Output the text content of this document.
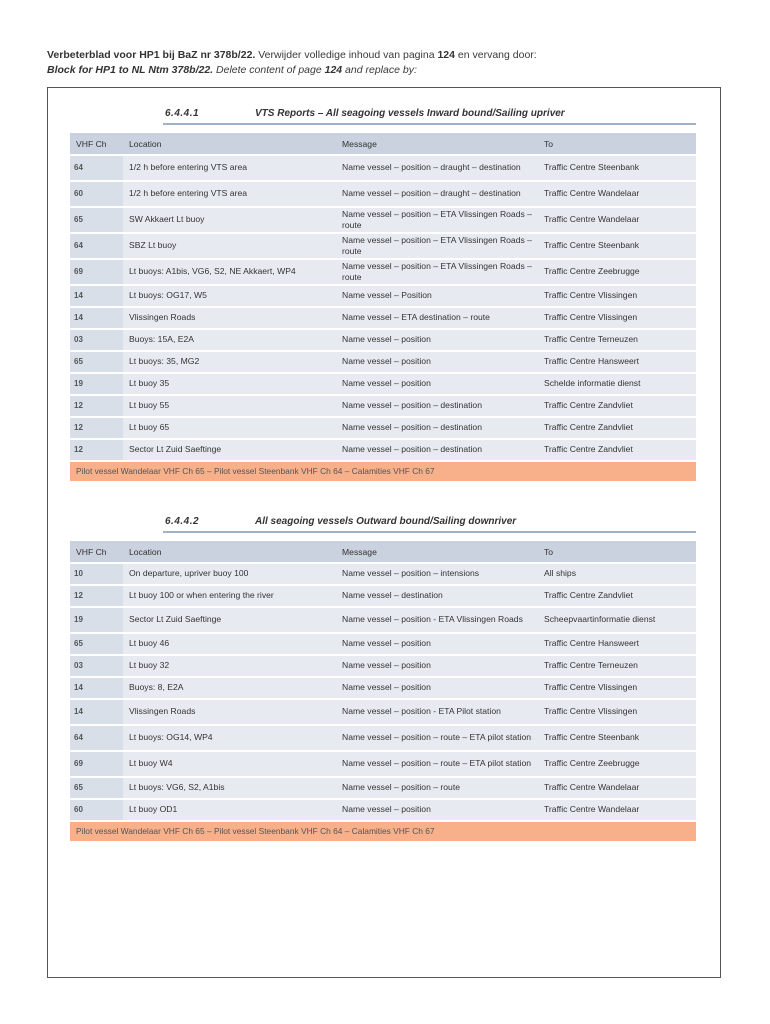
Verbeterblad voor HP1 bij BaZ nr 378b/22. Verwijder volledige inhoud van pagina 124 en vervang door:
Block for HP1 to NL Ntm 378b/22. Delete content of page 124 and replace by:
6.4.4.1	VTS Reports – All seagoing vessels Inward bound/Sailing upriver
VHF Ch	Location	Message	To
64	1/2 h before entering VTS area	Name vessel – position – draught – destination	Traffic Centre Steenbank
60	1/2 h before entering VTS area	Name vessel – position – draught – destination	Traffic Centre Wandelaar
65	SW Akkaert Lt buoy	Name vessel – position – ETA Vlissingen Roads – route	Traffic Centre Wandelaar
64	SBZ Lt buoy	Name vessel – position – ETA Vlissingen Roads – route	Traffic Centre Steenbank
69	Lt buoys: A1bis, VG6, S2, NE Akkaert, WP4	Name vessel – position – ETA Vlissingen Roads – route	Traffic Centre Zeebrugge
14	Lt buoys: OG17, W5	Name vessel – Position	Traffic Centre Vlissingen
14	Vlissingen Roads	Name vessel – ETA destination – route	Traffic Centre Vlissingen
03	Buoys: 15A, E2A	Name vessel – position	Traffic Centre Terneuzen
65	Lt buoys: 35, MG2	Name vessel – position	Traffic Centre Hansweert
19	Lt buoy 35	Name vessel – position	Schelde informatie dienst
12	Lt buoy 55	Name vessel – position – destination	Traffic Centre Zandvliet
12	Lt buoy 65	Name vessel – position – destination	Traffic Centre Zandvliet
12	Sector Lt Zuid Saeftinge	Name vessel – position – destination	Traffic Centre Zandvliet
Pilot vessel Wandelaar VHF Ch 65 – Pilot vessel Steenbank VHF Ch 64 – Calamities VHF Ch 67			
6.4.4.2	All seagoing vessels Outward bound/Sailing downriver
VHF Ch	Location	Message	To
10	On departure, upriver buoy 100	Name vessel – position – intensions	All ships
12	Lt buoy 100 or when entering the river	Name vessel – destination	Traffic Centre Zandvliet
19	Sector Lt Zuid Saeftinge	Name vessel – position - ETA Vlissingen Roads	Scheepvaartinformatie dienst
65	Lt buoy 46	Name vessel – position	Traffic Centre Hansweert
03	Lt buoy 32	Name vessel – position	Traffic Centre Terneuzen
14	Buoys: 8, E2A	Name vessel – position	Traffic Centre Vlissingen
14	Vlissingen Roads	Name vessel – position - ETA Pilot station	Traffic Centre Vlissingen
64	Lt buoys: OG14, WP4	Name vessel – position – route – ETA pilot station	Traffic Centre Steenbank
69	Lt buoy W4	Name vessel – position – route – ETA pilot station	Traffic Centre Zeebrugge
65	Lt buoys: VG6, S2, A1bis	Name vessel – position – route	Traffic Centre Wandelaar
60	Lt buoy OD1	Name vessel – position	Traffic Centre Wandelaar
Pilot vessel Wandelaar VHF Ch 65 – Pilot vessel Steenbank VHF Ch 64 – Calamities VHF Ch 67			
